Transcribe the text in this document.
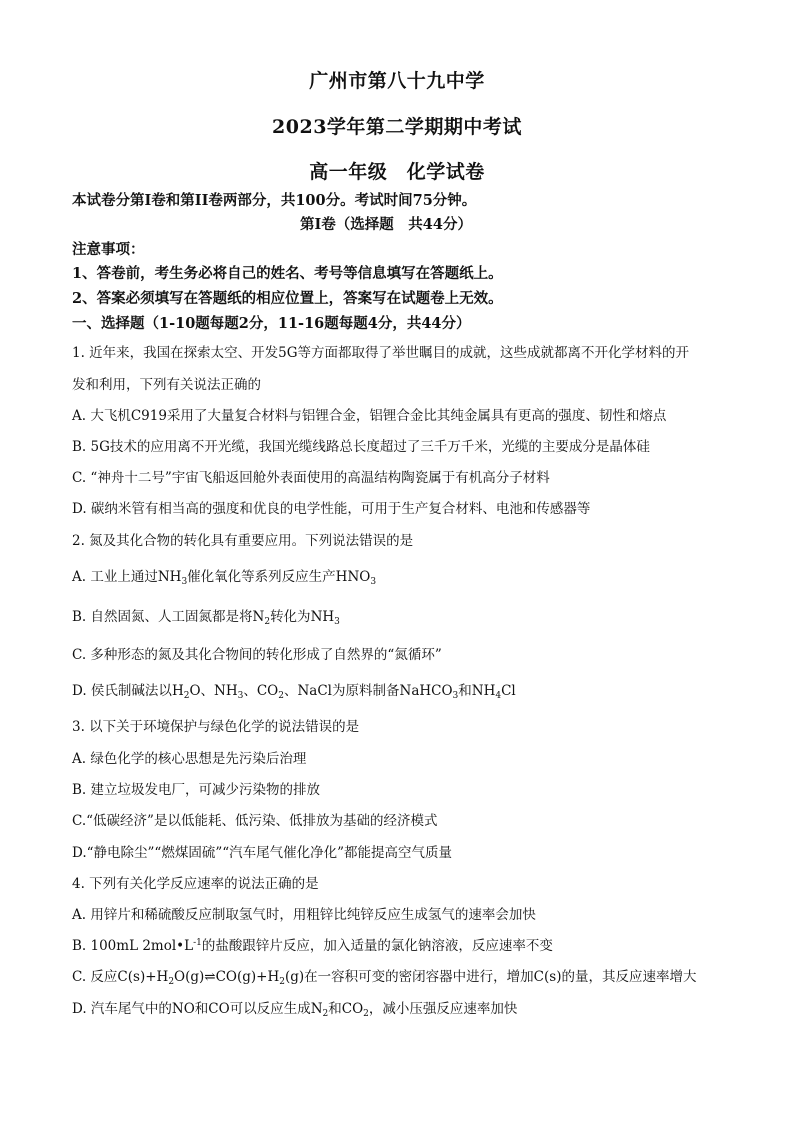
广州市第八十九中学
2023学年第二学期期中考试
高一年级　化学试卷
本试卷分第I卷和第II卷两部分，共100分。考试时间75分钟。
第I卷（选择题　共44分）
注意事项：
1、答卷前，考生务必将自己的姓名、考号等信息填写在答题纸上。
2、答案必须填写在答题纸的相应位置上，答案写在试题卷上无效。
一、选择题（1-10题每题2分，11-16题每题4分，共44分）
1. 近年来，我国在探索太空、开发5G等方面都取得了举世瞩目的成就，这些成就都离不开化学材料的开
发和利用，下列有关说法正确的
A. 大飞机C919采用了大量复合材料与铝锂合金，铝锂合金比其纯金属具有更高的强度、韧性和熔点
B. 5G技术的应用离不开光缆，我国光缆线路总长度超过了三千万千米，光缆的主要成分是晶体硅
C. “神舟十二号”宇宙飞船返回舱外表面使用的高温结构陶瓷属于有机高分子材料
D. 碳纳米管有相当高的强度和优良的电学性能，可用于生产复合材料、电池和传感器等
2. 氮及其化合物的转化具有重要应用。下列说法错误的是
A. 工业上通过$NH_3$催化氧化等系列反应生产$HNO_3$
B. 自然固氮、人工固氮都是将$N_2$转化为$NH_3$
C. 多种形态的氮及其化合物间的转化形成了自然界的“氮循环”
D. 侯氏制碱法以$H_2O$、$NH_3$、$CO_2$、NaCl为原料制备NaHCO$_3$和$NH_4Cl$
3. 以下关于环境保护与绿色化学的说法错误的是
A. 绿色化学的核心思想是先污染后治理
B. 建立垃圾发电厂，可减少污染物的排放
C.“低碳经济”是以低能耗、低污染、低排放为基础的经济模式
D.“静电除尘”“燃煤固硫”“汽车尾气催化净化”都能提高空气质量
4. 下列有关化学反应速率的说法正确的是
A. 用锌片和稀硫酸反应制取氢气时，用粗锌比纯锌反应生成氢气的速率会加快
B. 100mL $2mol•L^{-1}$的盐酸跟锌片反应，加入适量的氯化钠溶液，反应速率不变
C. 反应$C(s)+H_2O(g)\rightleftharpoons CO(g)+H_2(g)$在一容积可变的密闭容器中进行，增加C(s)的量，其反应速率增大
D. 汽车尾气中的NO和CO可以反应生成$N_2$和$CO_2$，减小压强反应速率加快
